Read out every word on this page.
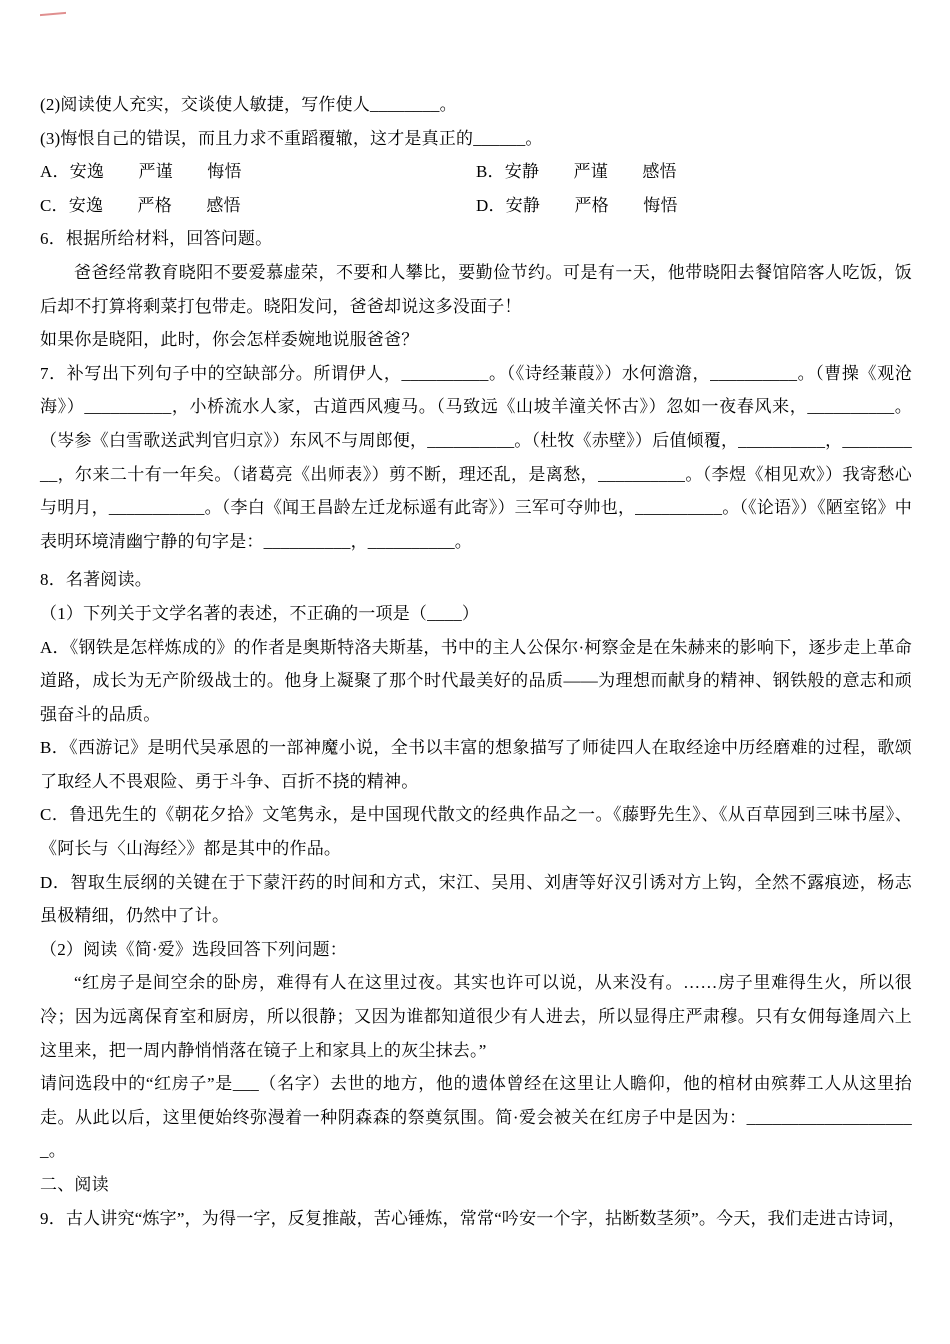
(2)阅读使人充实，交谈使人敏捷，写作使人________。

(3)悔恨自己的错误，而且力求不重蹈覆辙，这才是真正的______。

A．安逸　　严谨　　悔悟	B．安静　　严谨　　感悟
C．安逸　　严格　　感悟	D．安静　　严格　　悔悟

6．根据所给材料，回答问题。

爸爸经常教育晓阳不要爱慕虚荣，不要和人攀比，要勤俭节约。可是有一天，他带晓阳去餐馆陪客人吃饭，饭后却不打算将剩菜打包带走。晓阳发问，爸爸却说这多没面子！

如果你是晓阳，此时，你会怎样委婉地说服爸爸？

7．补写出下列句子中的空缺部分。所谓伊人，__________。（《诗经蒹葭》）水何澹澹，__________。（曹操《观沧海》）__________，小桥流水人家，古道西风瘦马。（马致远《山坡羊潼关怀古》）忽如一夜春风来，__________。（岑参《白雪歌送武判官归京》）东风不与周郎便，__________。（杜牧《赤壁》）后值倾覆，__________，__________，尔来二十有一年矣。（诸葛亮《出师表》）剪不断，理还乱，是离愁，__________。（李煜《相见欢》）我寄愁心与明月，___________。（李白《闻王昌龄左迁龙标遥有此寄》）三军可夺帅也，__________。（《论语》）《陋室铭》中表明环境清幽宁静的句字是：__________，__________。

8．名著阅读。

（1）下列关于文学名著的表述，不正确的一项是（____）

A．《钢铁是怎样炼成的》的作者是奥斯特洛夫斯基，书中的主人公保尔·柯察金是在朱赫来的影响下，逐步走上革命道路，成长为无产阶级战士的。他身上凝聚了那个时代最美好的品质——为理想而献身的精神、钢铁般的意志和顽强奋斗的品质。

B．《西游记》是明代吴承恩的一部神魔小说，全书以丰富的想象描写了师徒四人在取经途中历经磨难的过程，歌颂了取经人不畏艰险、勇于斗争、百折不挠的精神。

C．鲁迅先生的《朝花夕拾》文笔隽永，是中国现代散文的经典作品之一。《藤野先生》、《从百草园到三味书屋》、《阿长与〈山海经〉》都是其中的作品。

D．智取生辰纲的关键在于下蒙汗药的时间和方式，宋江、吴用、刘唐等好汉引诱对方上钩，全然不露痕迹，杨志虽极精细，仍然中了计。

（2）阅读《简·爱》选段回答下列问题：

“红房子是间空余的卧房，难得有人在这里过夜。其实也许可以说，从来没有。……房子里难得生火，所以很冷；因为远离保育室和厨房，所以很静；又因为谁都知道很少有人进去，所以显得庄严肃穆。只有女佣每逢周六上这里来，把一周内静悄悄落在镜子上和家具上的灰尘抹去。”

请问选段中的“红房子”是___（名字）去世的地方，他的遗体曾经在这里让人瞻仰，他的棺材由殡葬工人从这里抬走。从此以后，这里便始终弥漫着一种阴森森的祭奠氛围。简·爱会被关在红房子中是因为：____________________。

二、阅读

9．古人讲究“炼字”，为得一字，反复推敲，苦心锤炼，常常“吟安一个字，拈断数茎须”。今天，我们走进古诗词，
